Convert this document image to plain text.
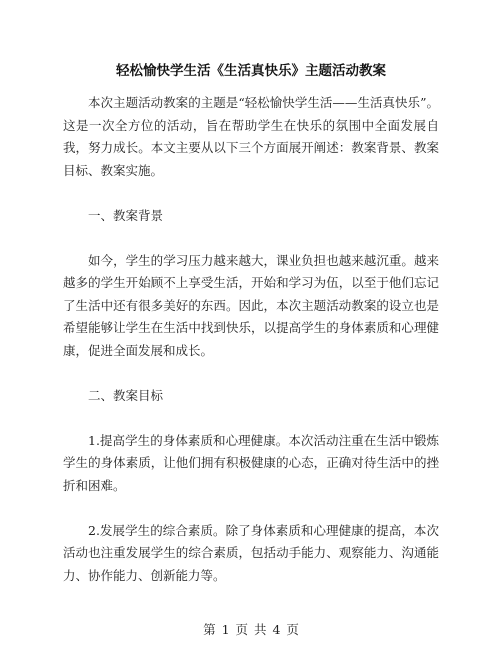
轻松愉快学生活《生活真快乐》主题活动教案

本次主题活动教案的主题是“轻松愉快学生活——生活真快乐”。这是一次全方位的活动，旨在帮助学生在快乐的氛围中全面发展自我，努力成长。本文主要从以下三个方面展开阐述：教案背景、教案目标、教案实施。

一、教案背景

如今，学生的学习压力越来越大，课业负担也越来越沉重。越来越多的学生开始顾不上享受生活，开始和学习为伍，以至于他们忘记了生活中还有很多美好的东西。因此，本次主题活动教案的设立也是希望能够让学生在生活中找到快乐，以提高学生的身体素质和心理健康，促进全面发展和成长。

二、教案目标

1.提高学生的身体素质和心理健康。本次活动注重在生活中锻炼学生的身体素质，让他们拥有积极健康的心态，正确对待生活中的挫折和困难。

2.发展学生的综合素质。除了身体素质和心理健康的提高，本次活动也注重发展学生的综合素质，包括动手能力、观察能力、沟通能力、协作能力、创新能力等。

第 1 页 共 4 页
